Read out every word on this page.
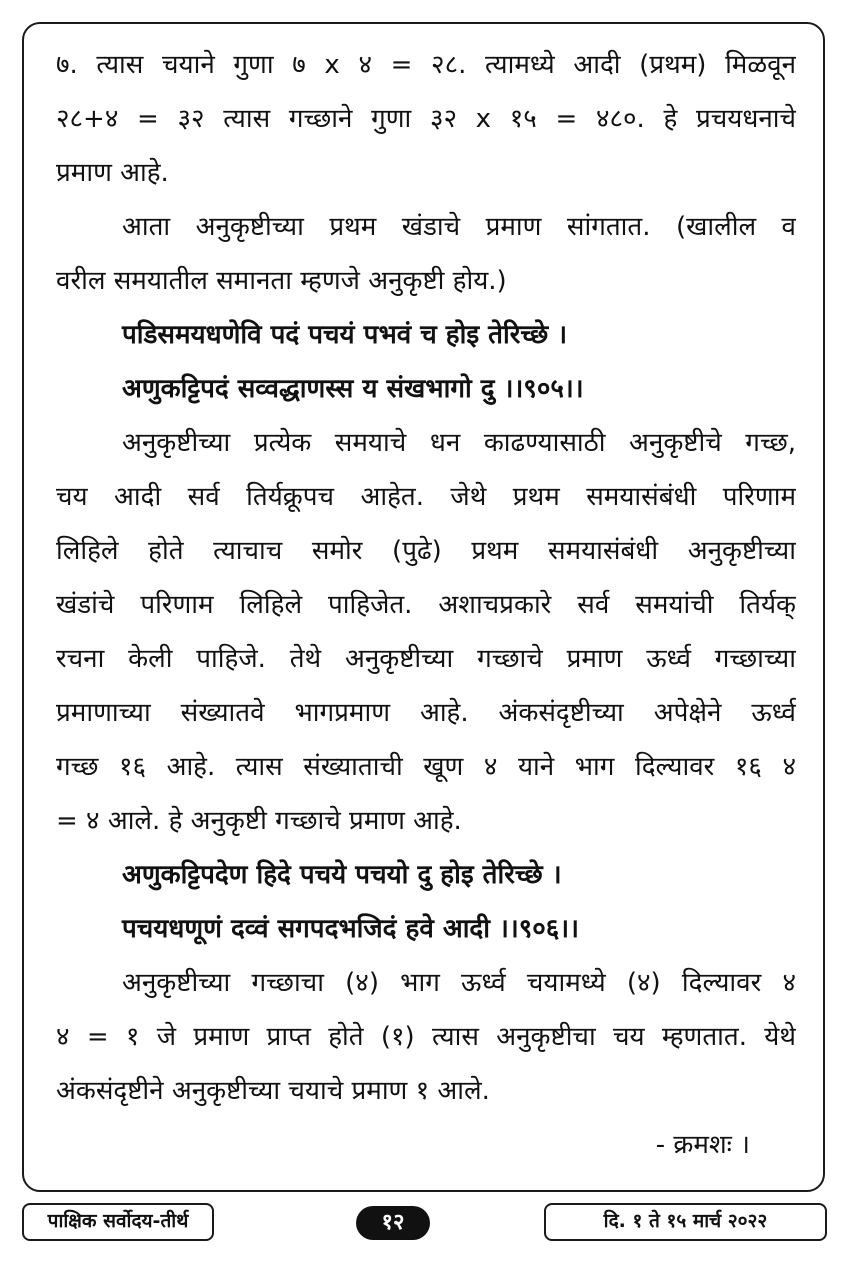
७. त्यास चयाने गुणा ७ x ४ = २८. त्यामध्ये आदी (प्रथम) मिळवून
२८+४ = ३२ त्यास गच्छाने गुणा ३२ x १५ = ४८०. हे प्रचयधनाचे
प्रमाण आहे.
आता अनुकृष्टीच्या प्रथम खंडाचे प्रमाण सांगतात. (खालील व
वरील समयातील समानता म्हणजे अनुकृष्टी होय.)
पडिसमयधणेवि पदं पचयं पभवं च होइ तेरिच्छे ।
अणुकट्टिपदं सव्वद्धाणस्स य संखभागो दु ।।९०५।।
अनुकृष्टीच्या प्रत्येक समयाचे धन काढण्यासाठी अनुकृष्टीचे गच्छ,
चय आदी सर्व तिर्यक्रूपच आहेत. जेथे प्रथम समयासंबंधी परिणाम
लिहिले होते त्याचाच समोर (पुढे) प्रथम समयासंबंधी अनुकृष्टीच्या
खंडांचे परिणाम लिहिले पाहिजेत. अशाचप्रकारे सर्व समयांची तिर्यक्
रचना केली पाहिजे. तेथे अनुकृष्टीच्या गच्छाचे प्रमाण ऊर्ध्व गच्छाच्या
प्रमाणाच्या संख्यातवे भागप्रमाण आहे. अंकसंदृष्टीच्या अपेक्षेने ऊर्ध्व
गच्छ १६ आहे. त्यास संख्याताची खूण ४ याने भाग दिल्यावर १६ ४
= ४ आले. हे अनुकृष्टी गच्छाचे प्रमाण आहे.
अणुकट्टिपदेण हिदे पचये पचयो दु होइ तेरिच्छे ।
पचयधणूणं दव्वं सगपदभजिदं हवे आदी ।।९०६।।
अनुकृष्टीच्या गच्छाचा (४) भाग ऊर्ध्व चयामध्ये (४) दिल्यावर ४
४ = १ जे प्रमाण प्राप्त होते (१) त्यास अनुकृष्टीचा चय म्हणतात. येथे
अंकसंदृष्टीने अनुकृष्टीच्या चयाचे प्रमाण १ आले.
- क्रमशः ।
पाक्षिक सर्वोदय-तीर्थ	१२	दि. १ ते १५ मार्च २०२२
